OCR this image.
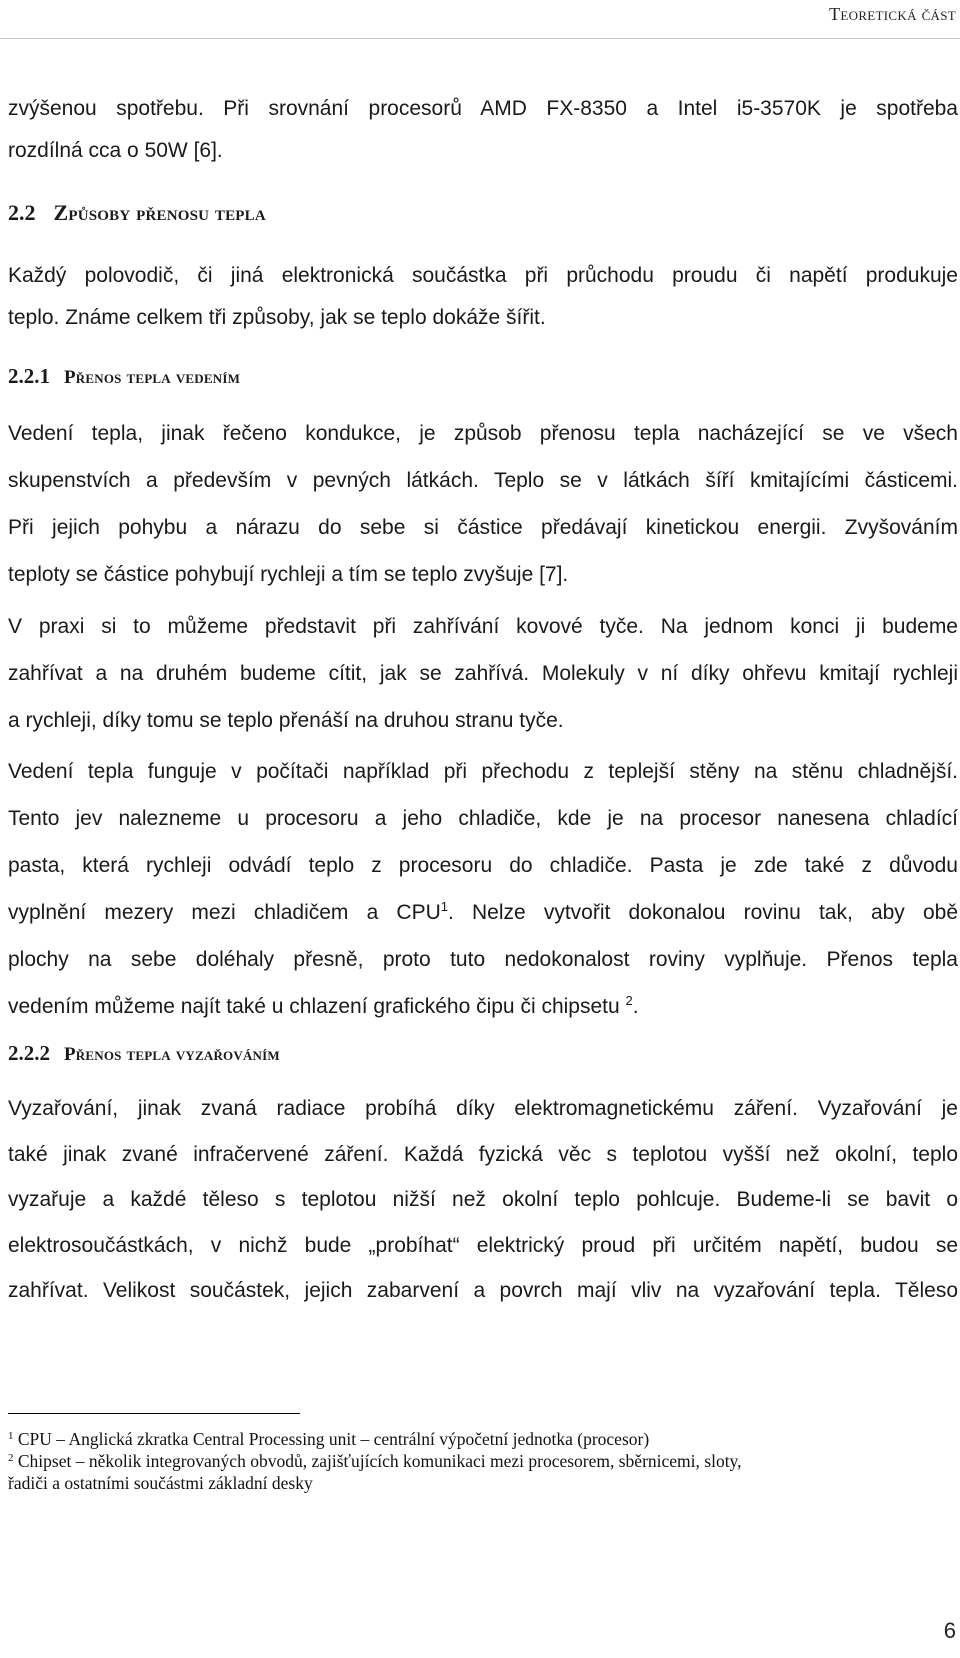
Teoretická část
zvýšenou spotřebu. Při srovnání procesorů AMD FX-8350 a Intel i5-3570K je spotřeba
rozdílná cca o 50W [6].
2.2 Způsoby přenosu tepla
Každý polovodič, či jiná elektronická součástka při průchodu proudu či napětí produkuje
teplo. Známe celkem tři způsoby, jak se teplo dokáže šířit.
2.2.1 Přenos tepla vedením
Vedení tepla, jinak řečeno kondukce, je způsob přenosu tepla nacházející se ve všech
skupenstvích a především v pevných látkách. Teplo se v látkách šíří kmitajícími částicemi.
Při jejich pohybu a nárazu do sebe si částice předávají kinetickou energii. Zvyšováním
teploty se částice pohybují rychleji a tím se teplo zvyšuje [7].
V praxi si to můžeme představit při zahřívání kovové tyče. Na jednom konci ji budeme
zahřívat a na druhém budeme cítit, jak se zahřívá. Molekuly v ní díky ohřevu kmitají rychleji
a rychleji, díky tomu se teplo přenáší na druhou stranu tyče.
Vedení tepla funguje v počítači například při přechodu z teplejší stěny na stěnu chladnější.
Tento jev nalezneme u procesoru a jeho chladiče, kde je na procesor nanesena chladící
pasta, která rychleji odvádí teplo z procesoru do chladiče. Pasta je zde také z důvodu
vyplnění mezery mezi chladičem a CPU$^1$. Nelze vytvořit dokonalou rovinu tak, aby obě
plochy na sebe doléhaly přesně, proto tuto nedokonalost roviny vyplňuje. Přenos tepla
vedením můžeme najít také u chlazení grafického čipu či chipsetu $^2$.
2.2.2 Přenos tepla vyzařováním
Vyzařování, jinak zvaná radiace probíhá díky elektromagnetickému záření. Vyzařování je
také jinak zvané infračervené záření. Každá fyzická věc s teplotou vyšší než okolní, teplo
vyzařuje a každé těleso s teplotou nižší než okolní teplo pohlcuje. Budeme-li se bavit o
elektrosoučástkách, v nichž bude „probíhat“ elektrický proud při určitém napětí, budou se
zahřívat. Velikost součástek, jejich zabarvení a povrch mají vliv na vyzařování tepla. Těleso

$^1$ CPU – Anglická zkratka Central Processing unit – centrální výpočetní jednotka (procesor)

$^2$ Chipset – několik integrovaných obvodů, zajišťujících komunikaci mezi procesorem, sběrnicemi, sloty,
řadiči a ostatními součástmi základní desky

6
